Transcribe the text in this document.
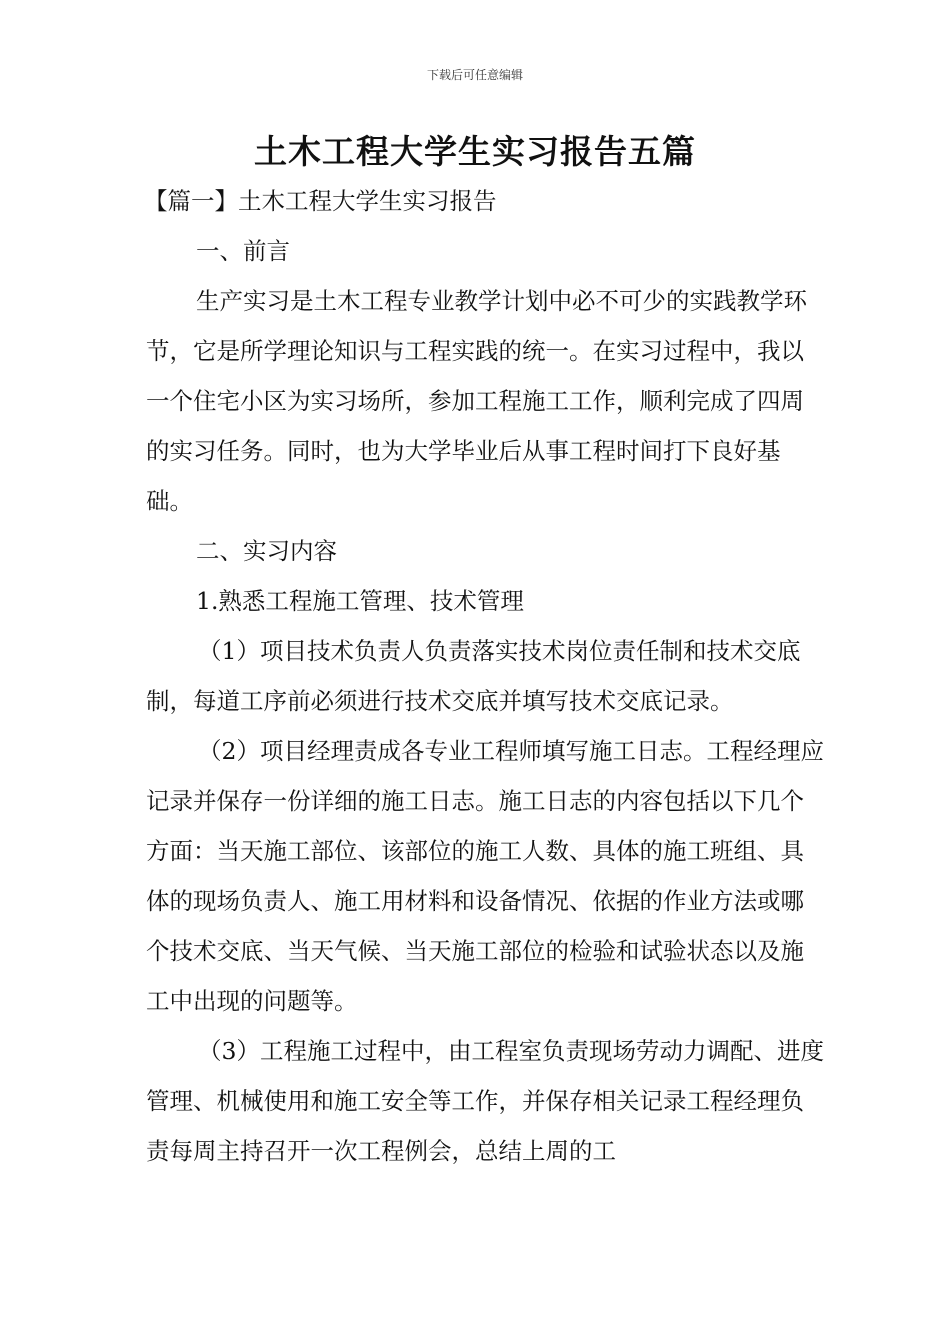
下载后可任意编辑
土木工程大学生实习报告五篇

【篇一】土木工程大学生实习报告

一、前言

生产实习是土木工程专业教学计划中必不可少的实践教学环节，它是所学理论知识与工程实践的统一。在实习过程中，我以一个住宅小区为实习场所，参加工程施工工作，顺利完成了四周的实习任务。同时，也为大学毕业后从事工程时间打下良好基础。

二、实习内容

1.熟悉工程施工管理、技术管理

（1）项目技术负责人负责落实技术岗位责任制和技术交底制，每道工序前必须进行技术交底并填写技术交底记录。

（2）项目经理责成各专业工程师填写施工日志。工程经理应记录并保存一份详细的施工日志。施工日志的内容包括以下几个方面：当天施工部位、该部位的施工人数、具体的施工班组、具体的现场负责人、施工用材料和设备情况、依据的作业方法或哪个技术交底、当天气候、当天施工部位的检验和试验状态以及施工中出现的问题等。

（3）工程施工过程中，由工程室负责现场劳动力调配、进度管理、机械使用和施工安全等工作，并保存相关记录工程经理负责每周主持召开一次工程例会，总结上周的工
